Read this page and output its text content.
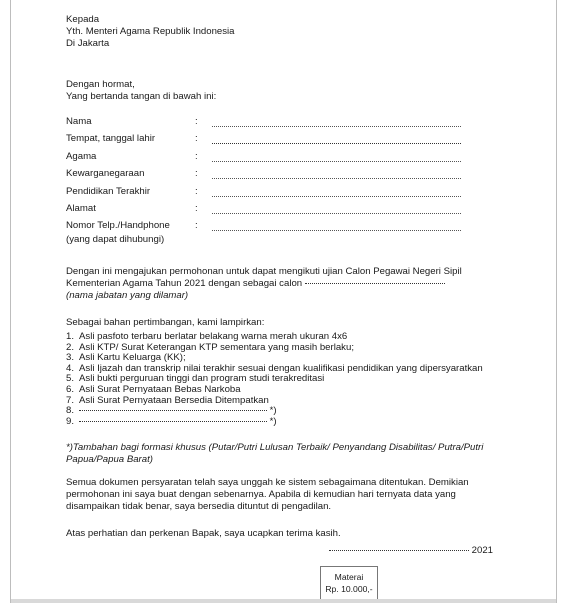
Kepada
Yth. Menteri Agama Republik Indonesia
Di Jakarta
Dengan hormat,
Yang bertanda tangan di bawah ini:
Nama	:
Tempat, tanggal lahir	:
Agama	:
Kewarganegaraan	:
Pendidikan Terakhir	:
Alamat	:
Nomor Telp./Handphone	:
(yang dapat dihubungi)
Dengan ini mengajukan permohonan untuk dapat mengikuti ujian Calon Pegawai Negeri Sipil
Kementerian Agama Tahun 2021 dengan sebagai calon
(nama jabatan yang dilamar)
Sebagai bahan pertimbangan, kami lampirkan:
1. Asli pasfoto terbaru berlatar belakang warna merah ukuran 4x6
2. Asli KTP/ Surat Keterangan KTP sementara yang masih berlaku;
3. Asli Kartu Keluarga (KK);
4. Asli Ijazah dan transkrip nilai terakhir sesuai dengan kualifikasi pendidikan yang dipersyaratkan
5. Asli bukti perguruan tinggi dan program studi terakreditasi
6. Asli Surat Pernyataan Bebas Narkoba
7. Asli Surat Pernyataan Bersedia Ditempatkan
8.	*)
9.	*)
*)Tambahan bagi formasi khusus (Putar/Putri Lulusan Terbaik/ Penyandang Disabilitas/ Putra/Putri Papua/Papua Barat)
Semua dokumen persyaratan telah saya unggah ke sistem sebagaimana ditentukan. Demikian
permohonan ini saya buat dengan sebenarnya. Apabila di kemudian hari ternyata data yang
disampaikan tidak benar, saya bersedia dituntut di pengadilan.
Atas perhatian dan perkenan Bapak, saya ucapkan terima kasih.
2021
Materai
Rp. 10.000,-
